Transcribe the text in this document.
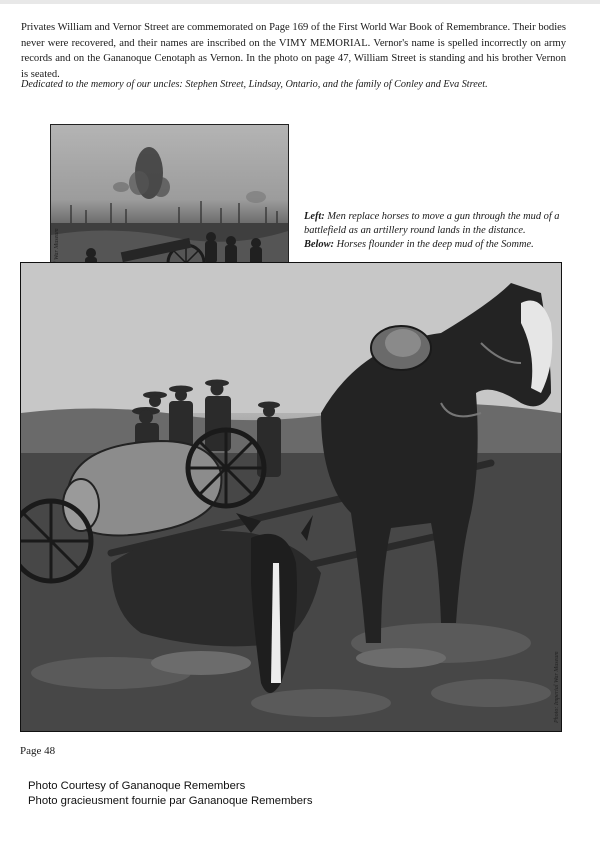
Privates William and Vernor Street are commemorated on Page 169 of the First World War Book of Remembrance. Their bodies never were recovered, and their names are inscribed on the VIMY MEMORIAL. Vernor's name is spelled incorrectly on army records and on the Gananoque Cenotaph as Vernon. In the photo on page 47, William Street is standing and his brother Vernon is seated.

Dedicated to the memory of our uncles: Stephen Street, Lindsay, Ontario, and the family of Conley and Eva Street.

Left: Men replace horses to move a gun through the mud of a battlefield as an artillery round lands in the distance.
Below: Horses flounder in the deep mud of the Somme.

Photo: Imperial War Museum
Page 48
Photo Courtesy of Gananoque Remembers
Photo gracieusment fournie par Gananoque Remembers
